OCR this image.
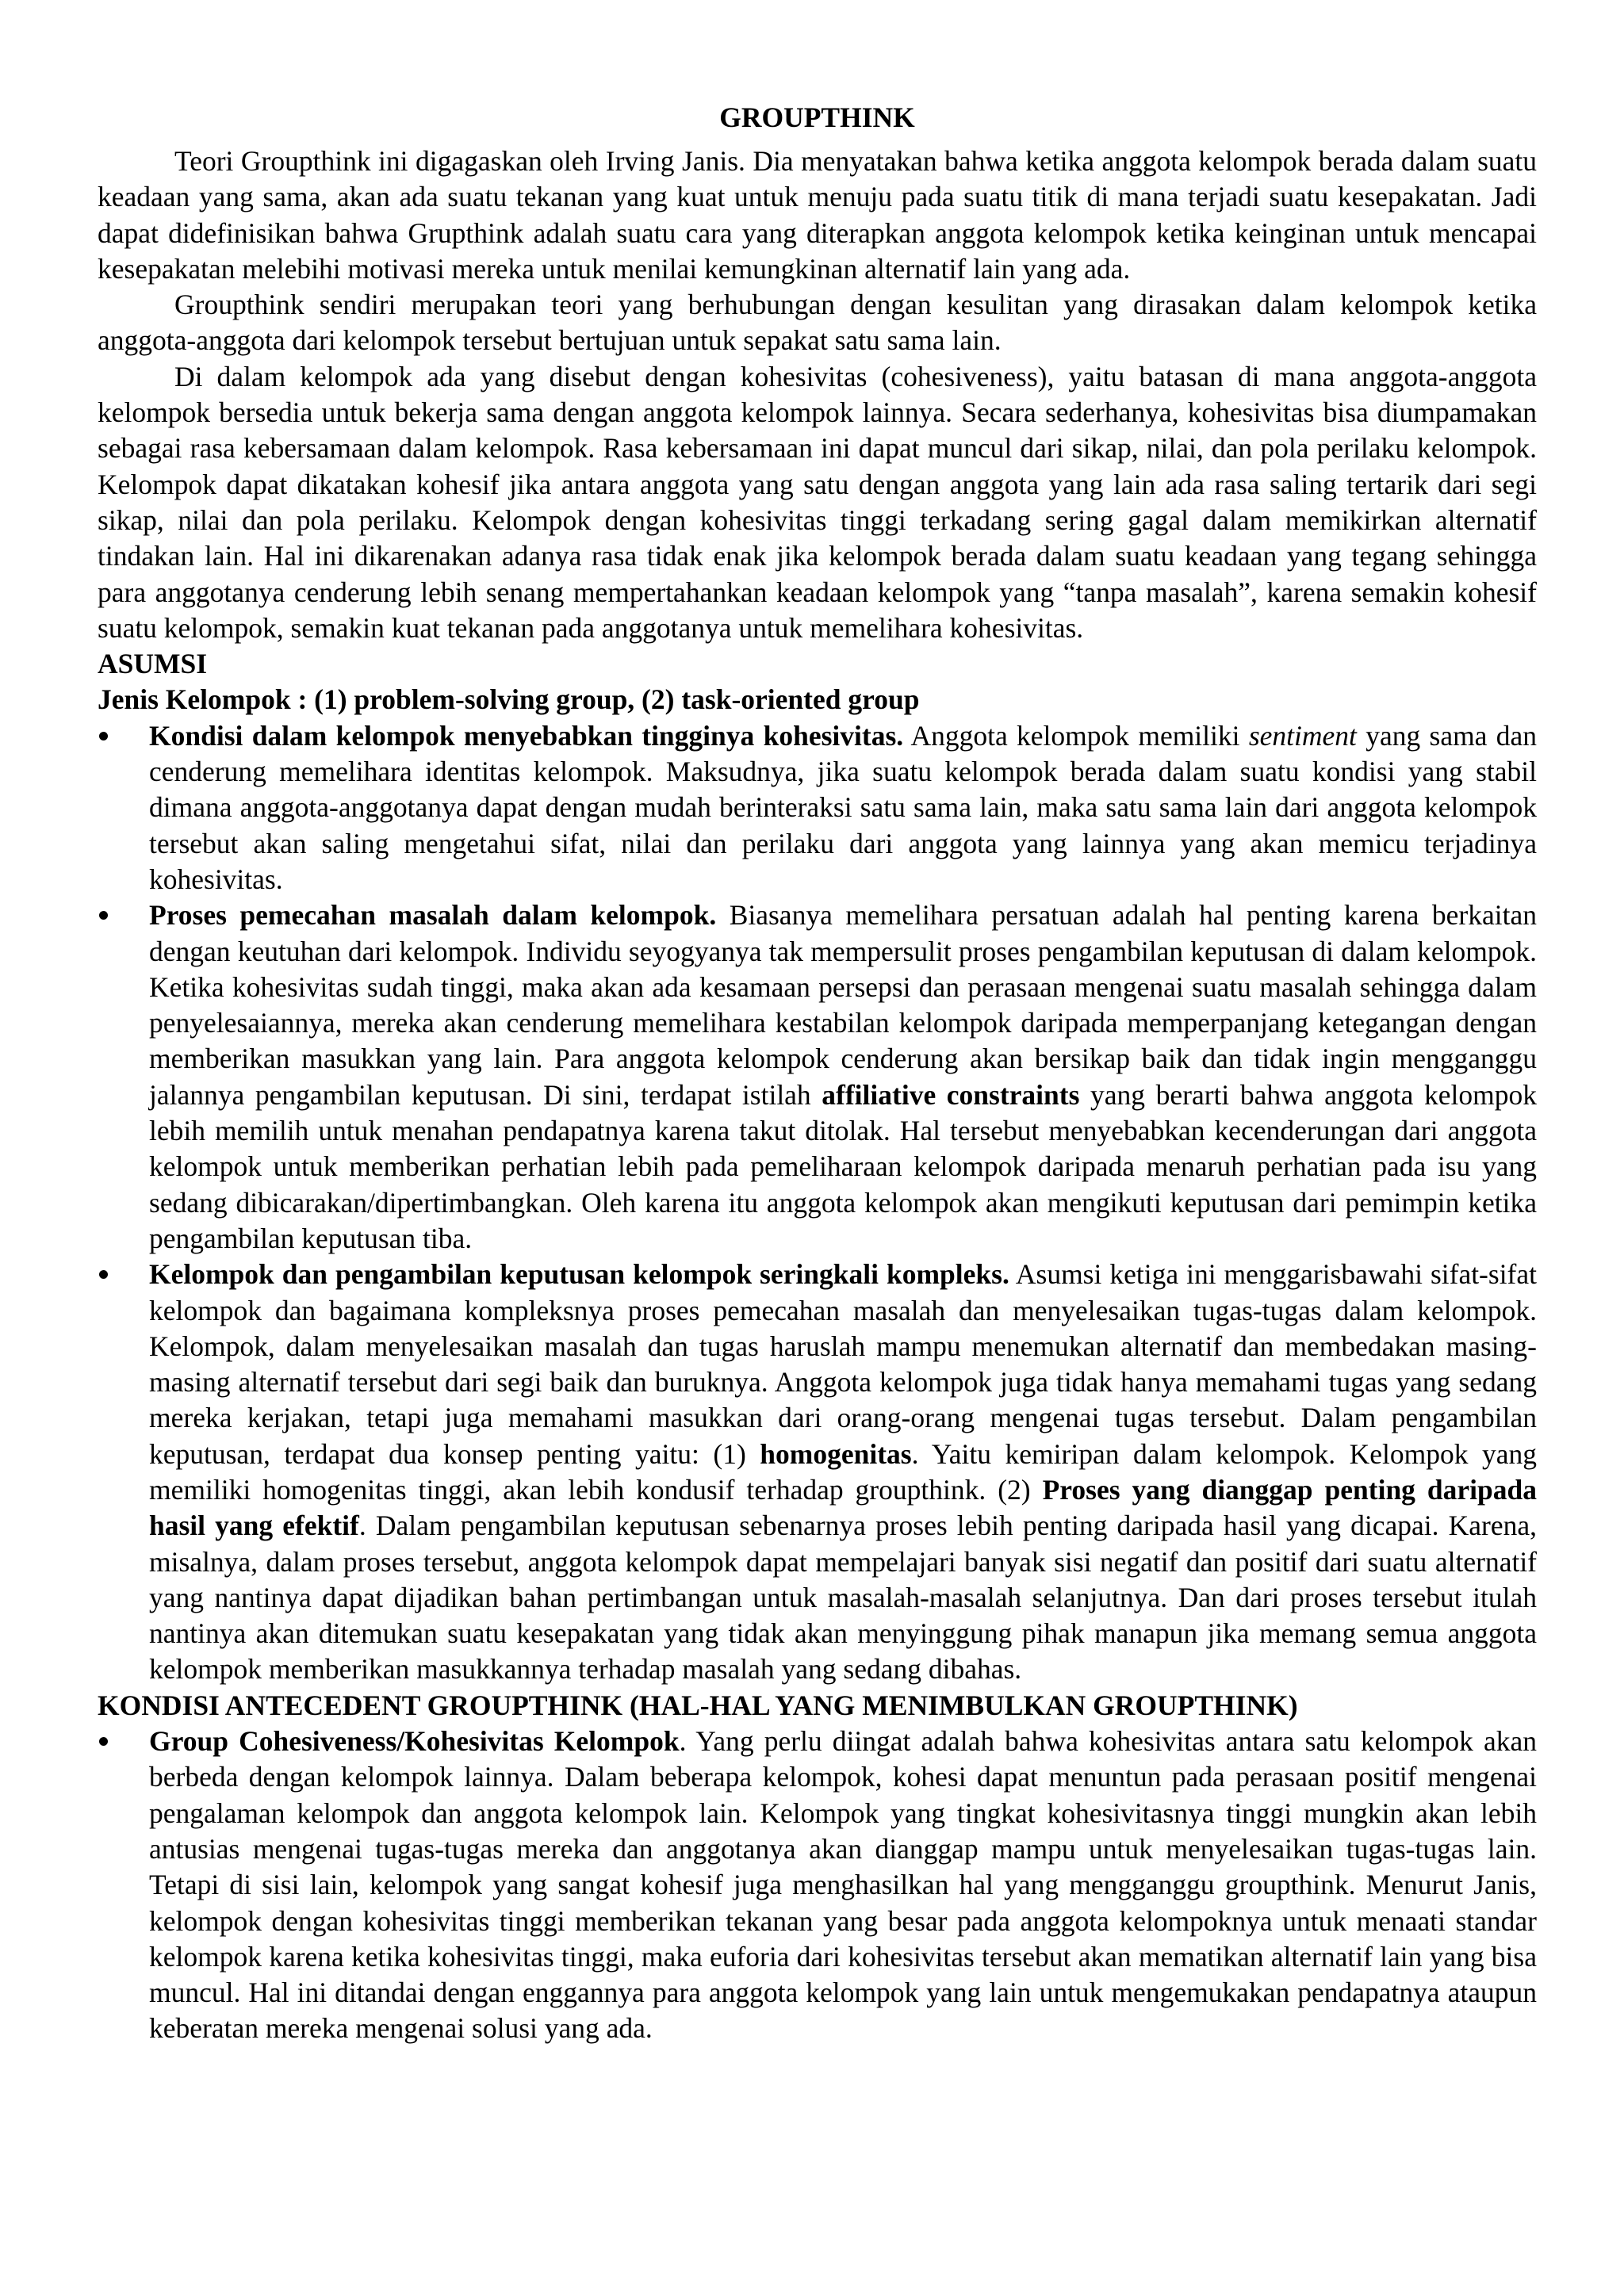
GROUPTHINK

Teori Groupthink ini digagaskan oleh Irving Janis. Dia menyatakan bahwa ketika anggota kelompok berada dalam suatu keadaan yang sama, akan ada suatu tekanan yang kuat untuk menuju pada suatu titik di mana terjadi suatu kesepakatan. Jadi dapat didefinisikan bahwa Grupthink adalah suatu cara yang diterapkan anggota kelompok ketika keinginan untuk mencapai kesepakatan melebihi motivasi mereka untuk menilai kemungkinan alternatif lain yang ada.

Groupthink sendiri merupakan teori yang berhubungan dengan kesulitan yang dirasakan dalam kelompok ketika anggota-anggota dari kelompok tersebut bertujuan untuk sepakat satu sama lain.

Di dalam kelompok ada yang disebut dengan kohesivitas (cohesiveness), yaitu batasan di mana anggota-anggota kelompok bersedia untuk bekerja sama dengan anggota kelompok lainnya. Secara sederhanya, kohesivitas bisa diumpamakan sebagai rasa kebersamaan dalam kelompok. Rasa kebersamaan ini dapat muncul dari sikap, nilai, dan pola perilaku kelompok. Kelompok dapat dikatakan kohesif jika antara anggota yang satu dengan anggota yang lain ada rasa saling tertarik dari segi sikap, nilai dan pola perilaku. Kelompok dengan kohesivitas tinggi terkadang sering gagal dalam memikirkan alternatif tindakan lain. Hal ini dikarenakan adanya rasa tidak enak jika kelompok berada dalam suatu keadaan yang tegang sehingga para anggotanya cenderung lebih senang mempertahankan keadaan kelompok yang “tanpa masalah”, karena semakin kohesif suatu kelompok, semakin kuat tekanan pada anggotanya untuk memelihara kohesivitas.

ASUMSI
Jenis Kelompok : (1) problem-solving group, (2) task-oriented group
Kondisi dalam kelompok menyebabkan tingginya kohesivitas. Anggota kelompok memiliki sentiment yang sama dan cenderung memelihara identitas kelompok. Maksudnya, jika suatu kelompok berada dalam suatu kondisi yang stabil dimana anggota-anggotanya dapat dengan mudah berinteraksi satu sama lain, maka satu sama lain dari anggota kelompok tersebut akan saling mengetahui sifat, nilai dan perilaku dari anggota yang lainnya yang akan memicu terjadinya kohesivitas.
Proses pemecahan masalah dalam kelompok. Biasanya memelihara persatuan adalah hal penting karena berkaitan dengan keutuhan dari kelompok. Individu seyogyanya tak mempersulit proses pengambilan keputusan di dalam kelompok. Ketika kohesivitas sudah tinggi, maka akan ada kesamaan persepsi dan perasaan mengenai suatu masalah sehingga dalam penyelesaiannya, mereka akan cenderung memelihara kestabilan kelompok daripada memperpanjang ketegangan dengan memberikan masukkan yang lain. Para anggota kelompok cenderung akan bersikap baik dan tidak ingin mengganggu jalannya pengambilan keputusan. Di sini, terdapat istilah affiliative constraints yang berarti bahwa anggota kelompok lebih memilih untuk menahan pendapatnya karena takut ditolak. Hal tersebut menyebabkan kecenderungan dari anggota kelompok untuk memberikan perhatian lebih pada pemeliharaan kelompok daripada menaruh perhatian pada isu yang sedang dibicarakan/dipertimbangkan. Oleh karena itu anggota kelompok akan mengikuti keputusan dari pemimpin ketika pengambilan keputusan tiba.
Kelompok dan pengambilan keputusan kelompok seringkali kompleks. Asumsi ketiga ini menggarisbawahi sifat-sifat kelompok dan bagaimana kompleksnya proses pemecahan masalah dan menyelesaikan tugas-tugas dalam kelompok. Kelompok, dalam menyelesaikan masalah dan tugas haruslah mampu menemukan alternatif dan membedakan masing-masing alternatif tersebut dari segi baik dan buruknya. Anggota kelompok juga tidak hanya memahami tugas yang sedang mereka kerjakan, tetapi juga memahami masukkan dari orang-orang mengenai tugas tersebut. Dalam pengambilan keputusan, terdapat dua konsep penting yaitu: (1) homogenitas. Yaitu kemiripan dalam kelompok. Kelompok yang memiliki homogenitas tinggi, akan lebih kondusif terhadap groupthink. (2) Proses yang dianggap penting daripada hasil yang efektif. Dalam pengambilan keputusan sebenarnya proses lebih penting daripada hasil yang dicapai. Karena, misalnya, dalam proses tersebut, anggota kelompok dapat mempelajari banyak sisi negatif dan positif dari suatu alternatif yang nantinya dapat dijadikan bahan pertimbangan untuk masalah-masalah selanjutnya. Dan dari proses tersebut itulah nantinya akan ditemukan suatu kesepakatan yang tidak akan menyinggung pihak manapun jika memang semua anggota kelompok memberikan masukkannya terhadap masalah yang sedang dibahas.
KONDISI ANTECEDENT GROUPTHINK (HAL-HAL YANG MENIMBULKAN GROUPTHINK)
Group Cohesiveness/Kohesivitas Kelompok. Yang perlu diingat adalah bahwa kohesivitas antara satu kelompok akan berbeda dengan kelompok lainnya. Dalam beberapa kelompok, kohesi dapat menuntun pada perasaan positif mengenai pengalaman kelompok dan anggota kelompok lain. Kelompok yang tingkat kohesivitasnya tinggi mungkin akan lebih antusias mengenai tugas-tugas mereka dan anggotanya akan dianggap mampu untuk menyelesaikan tugas-tugas lain. Tetapi di sisi lain, kelompok yang sangat kohesif juga menghasilkan hal yang mengganggu groupthink. Menurut Janis, kelompok dengan kohesivitas tinggi memberikan tekanan yang besar pada anggota kelompoknya untuk menaati standar kelompok karena ketika kohesivitas tinggi, maka euforia dari kohesivitas tersebut akan mematikan alternatif lain yang bisa muncul. Hal ini ditandai dengan enggannya para anggota kelompok yang lain untuk mengemukakan pendapatnya ataupun keberatan mereka mengenai solusi yang ada.
